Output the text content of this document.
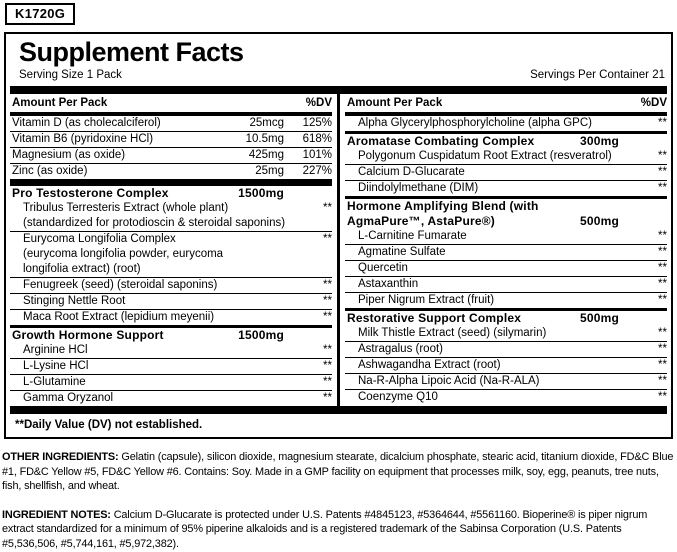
K1720G
Supplement Facts
Serving Size 1 Pack	Servings Per Container 21
Amount Per Pack	%DV
Vitamin D (as cholecalciferol)	25mcg	125%
Vitamin B6 (pyridoxine HCl)	10.5mg	618%
Magnesium (as oxide)	425mg	101%
Zinc (as oxide)	25mg	227%
Pro Testosterone Complex	1500mg
Tribulus Terresteris Extract (whole plant)	**
(standardized for protodioscin & steroidal saponins)
Eurycoma Longifolia Complex	**
(eurycoma longifolia powder, eurycoma
longifolia extract) (root)
Fenugreek (seed) (steroidal saponins)	**
Stinging Nettle Root	**
Maca Root Extract (lepidium meyenii)	**
Growth Hormone Support	1500mg
Arginine HCl	**
L-Lysine HCl	**
L-Glutamine	**
Gamma Oryzanol	**
Amount Per Pack	%DV
Alpha Glycerylphosphorylcholine (alpha GPC)	**
Aromatase Combating Complex	300mg
Polygonum Cuspidatum Root Extract (resveratrol)	**
Calcium D-Glucarate	**
Diindolylmethane (DIM)	**
Hormone Amplifying Blend (with
AgmaPure™, AstaPure®)	500mg
L-Carnitine Fumarate	**
Agmatine Sulfate	**
Quercetin	**
Astaxanthin	**
Piper Nigrum Extract (fruit)	**
Restorative Support Complex	500mg
Milk Thistle Extract (seed) (silymarin)	**
Astragalus (root)	**
Ashwagandha Extract (root)	**
Na-R-Alpha Lipoic Acid (Na-R-ALA)	**
Coenzyme Q10	**
**Daily Value (DV) not established.
OTHER INGREDIENTS: Gelatin (capsule), silicon dioxide, magnesium stearate, dicalcium phosphate, stearic acid, titanium dioxide, FD&C Blue #1, FD&C Yellow #5, FD&C Yellow #6. Contains: Soy. Made in a GMP facility on equipment that processes milk, soy, egg, peanuts, tree nuts, fish, shellfish, and wheat.
INGREDIENT NOTES: Calcium D-Glucarate is protected under U.S. Patents #4845123, #5364644, #5561160. Bioperine® is piper nigrum extract standardized for a minimum of 95% piperine alkaloids and is a registered trademark of the Sabinsa Corporation (U.S. Patents #5,536,506, #5,744,161, #5,972,382).
